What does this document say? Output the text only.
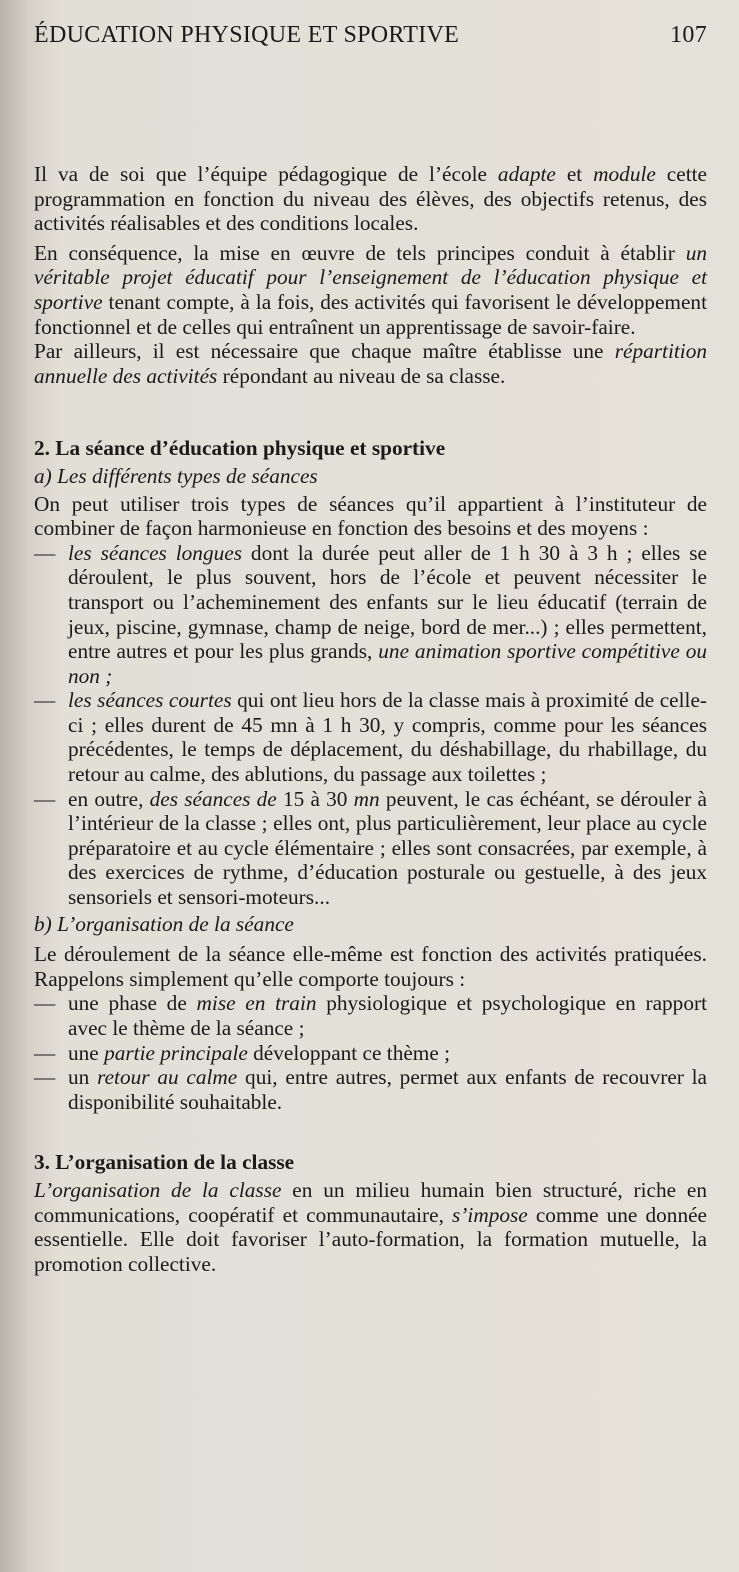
ÉDUCATION PHYSIQUE ET SPORTIVE	107

Il va de soi que l’équipe pédagogique de l’école adapte et module cette programmation en fonction du niveau des élèves, des objectifs retenus, des activités réalisables et des conditions locales.

En conséquence, la mise en œuvre de tels principes conduit à établir un véritable projet éducatif pour l’enseignement de l’éducation physique et sportive tenant compte, à la fois, des activités qui favorisent le développement fonctionnel et de celles qui entraînent un apprentissage de savoir-faire.

Par ailleurs, il est nécessaire que chaque maître établisse une répartition annuelle des activités répondant au niveau de sa classe.

2. La séance d’éducation physique et sportive

a) Les différents types de séances

On peut utiliser trois types de séances qu’il appartient à l’instituteur de combiner de façon harmonieuse en fonction des besoins et des moyens :

— les séances longues dont la durée peut aller de 1 h 30 à 3 h ; elles se déroulent, le plus souvent, hors de l’école et peuvent nécessiter le transport ou l’acheminement des enfants sur le lieu éducatif (terrain de jeux, piscine, gymnase, champ de neige, bord de mer...) ; elles permettent, entre autres et pour les plus grands, une animation sportive compétitive ou non ;
— les séances courtes qui ont lieu hors de la classe mais à proximité de celle-ci ; elles durent de 45 mn à 1 h 30, y compris, comme pour les séances précédentes, le temps de déplacement, du déshabillage, du rhabillage, du retour au calme, des ablutions, du passage aux toilettes ;
— en outre, des séances de 15 à 30 mn peuvent, le cas échéant, se dérouler à l’intérieur de la classe ; elles ont, plus particulièrement, leur place au cycle préparatoire et au cycle élémentaire ; elles sont consacrées, par exemple, à des exercices de rythme, d’éducation posturale ou gestuelle, à des jeux sensoriels et sensori-moteurs...

b) L’organisation de la séance

Le déroulement de la séance elle-même est fonction des activités pratiquées. Rappelons simplement qu’elle comporte toujours :

— une phase de mise en train physiologique et psychologique en rapport avec le thème de la séance ;
— une partie principale développant ce thème ;
— un retour au calme qui, entre autres, permet aux enfants de recouvrer la disponibilité souhaitable.

3. L’organisation de la classe

L’organisation de la classe en un milieu humain bien structuré, riche en communications, coopératif et communautaire, s’impose comme une donnée essentielle. Elle doit favoriser l’auto-formation, la formation mutuelle, la promotion collective.
